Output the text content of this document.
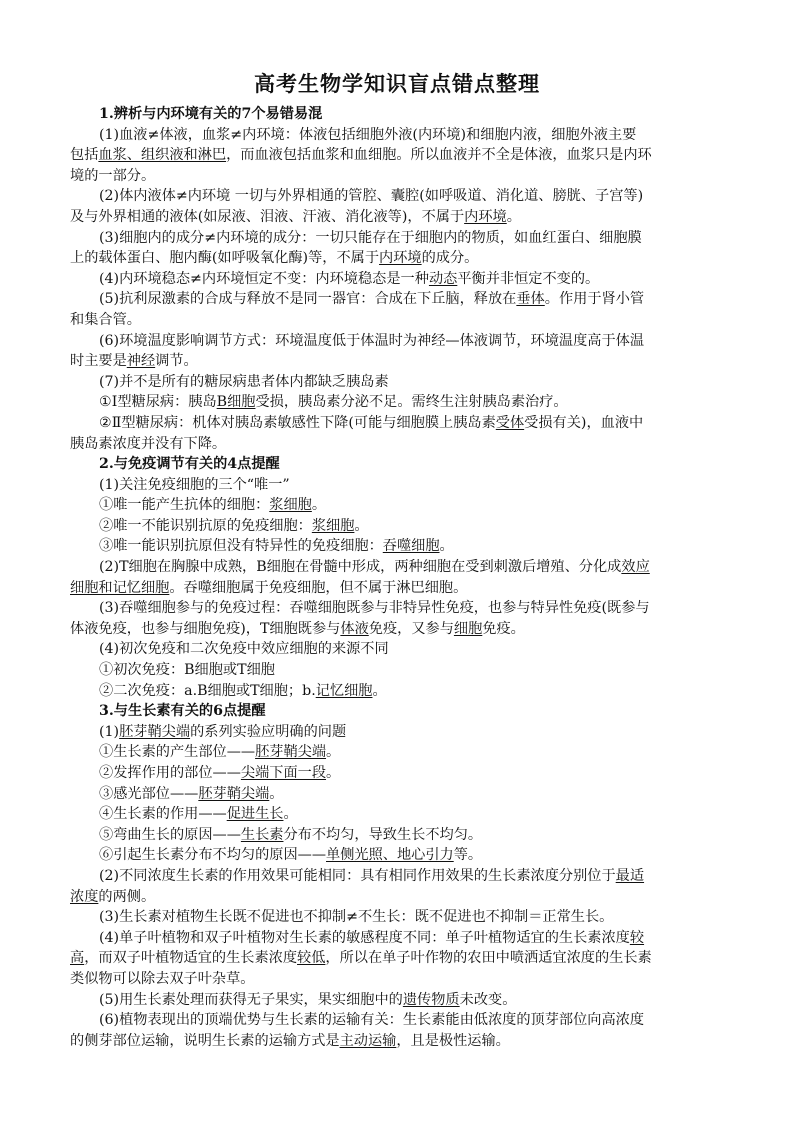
高考生物学知识盲点错点整理
1.辨析与内环境有关的7个易错易混
(1)血液≠体液，血浆≠内环境：体液包括细胞外液(内环境)和细胞内液，细胞外液主要
包括血浆、组织液和淋巴，而血液包括血浆和血细胞。所以血液并不全是体液，血浆只是内环
境的一部分。
(2)体内液体≠内环境 一切与外界相通的管腔、囊腔(如呼吸道、消化道、膀胱、子宫等)
及与外界相通的液体(如尿液、泪液、汗液、消化液等)，不属于内环境。
(3)细胞内的成分≠内环境的成分：一切只能存在于细胞内的物质，如血红蛋白、细胞膜
上的载体蛋白、胞内酶(如呼吸氧化酶)等，不属于内环境的成分。
(4)内环境稳态≠内环境恒定不变：内环境稳态是一种动态平衡并非恒定不变的。
(5)抗利尿激素的合成与释放不是同一器官：合成在下丘脑，释放在垂体。作用于肾小管
和集合管。
(6)环境温度影响调节方式：环境温度低于体温时为神经—体液调节，环境温度高于体温
时主要是神经调节。
(7)并不是所有的糖尿病患者体内都缺乏胰岛素
①Ⅰ型糖尿病：胰岛B细胞受损，胰岛素分泌不足。需终生注射胰岛素治疗。
②Ⅱ型糖尿病：机体对胰岛素敏感性下降(可能与细胞膜上胰岛素受体受损有关)，血液中
胰岛素浓度并没有下降。
2.与免疫调节有关的4点提醒
(1)关注免疫细胞的三个“唯一”
①唯一能产生抗体的细胞：浆细胞。
②唯一不能识别抗原的免疫细胞：浆细胞。
③唯一能识别抗原但没有特异性的免疫细胞：吞噬细胞。
(2)T细胞在胸腺中成熟，B细胞在骨髓中形成，两种细胞在受到刺激后增殖、分化成效应
细胞和记忆细胞。吞噬细胞属于免疫细胞，但不属于淋巴细胞。
(3)吞噬细胞参与的免疫过程：吞噬细胞既参与非特异性免疫，也参与特异性免疫(既参与
体液免疫，也参与细胞免疫)，T细胞既参与体液免疫，又参与细胞免疫。
(4)初次免疫和二次免疫中效应细胞的来源不同
①初次免疫：B细胞或T细胞
②二次免疫：a.B细胞或T细胞；b.记忆细胞。
3.与生长素有关的6点提醒
(1)胚芽鞘尖端的系列实验应明确的问题
①生长素的产生部位——胚芽鞘尖端。
②发挥作用的部位——尖端下面一段。
③感光部位——胚芽鞘尖端。
④生长素的作用——促进生长。
⑤弯曲生长的原因——生长素分布不均匀，导致生长不均匀。
⑥引起生长素分布不均匀的原因——单侧光照、地心引力等。
(2)不同浓度生长素的作用效果可能相同：具有相同作用效果的生长素浓度分别位于最适
浓度的两侧。
(3)生长素对植物生长既不促进也不抑制≠不生长：既不促进也不抑制＝正常生长。
(4)单子叶植物和双子叶植物对生长素的敏感程度不同：单子叶植物适宜的生长素浓度较
高，而双子叶植物适宜的生长素浓度较低，所以在单子叶作物的农田中喷洒适宜浓度的生长素
类似物可以除去双子叶杂草。
(5)用生长素处理而获得无子果实，果实细胞中的遗传物质未改变。
(6)植物表现出的顶端优势与生长素的运输有关：生长素能由低浓度的顶芽部位向高浓度
的侧芽部位运输，说明生长素的运输方式是主动运输，且是极性运输。
